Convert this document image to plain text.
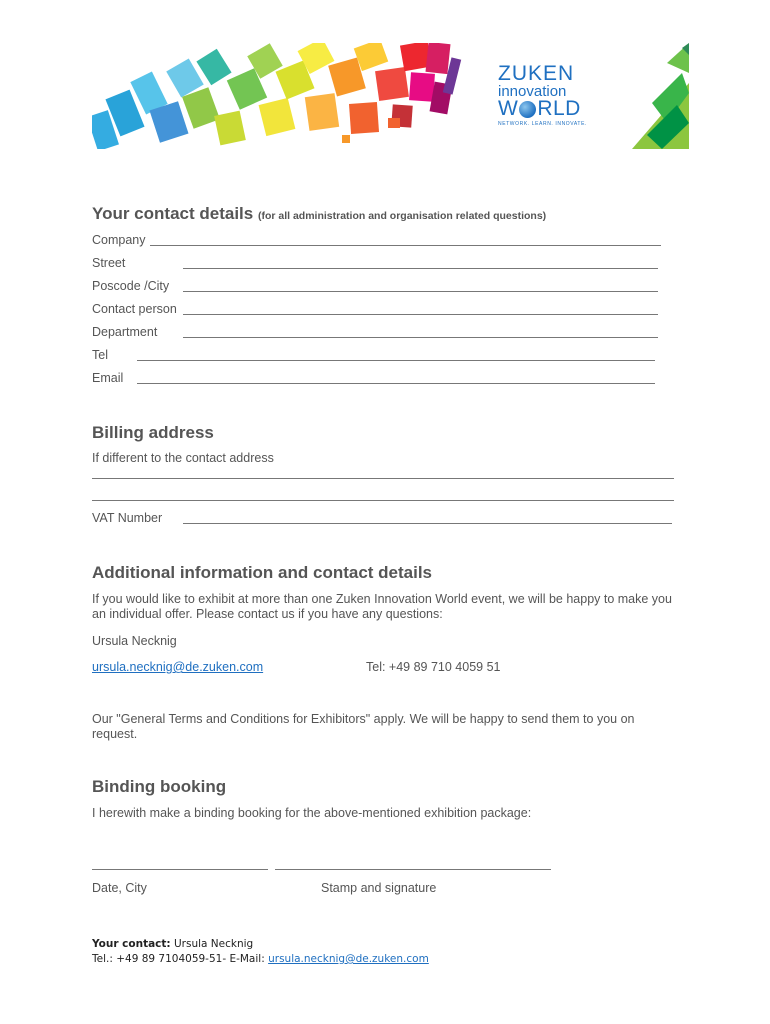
ZUKEN
innovation
W RLD
NETWORK. LEARN. INNOVATE.
Your contact details (for all administration and organisation related questions)
Company
Street
Poscode /City
Contact person
Department
Tel
Email
Billing address
If different to the contact address
VAT Number
Additional information and contact details
If you would like to exhibit at more than one Zuken Innovation World event, we will be happy to make you an individual offer. Please contact us if you have any questions:
Ursula Necknig
ursula.necknig@de.zuken.com	Tel: +49 89 710 4059 51
Our "General Terms and Conditions for Exhibitors" apply. We will be happy to send them to you on request.
Binding booking
I herewith make a binding booking for the above-mentioned exhibition package:
Date, City	Stamp and signature
Your contact: Ursula Necknig
Tel.: +49 89 7104059-51- E-Mail: ursula.necknig@de.zuken.com
